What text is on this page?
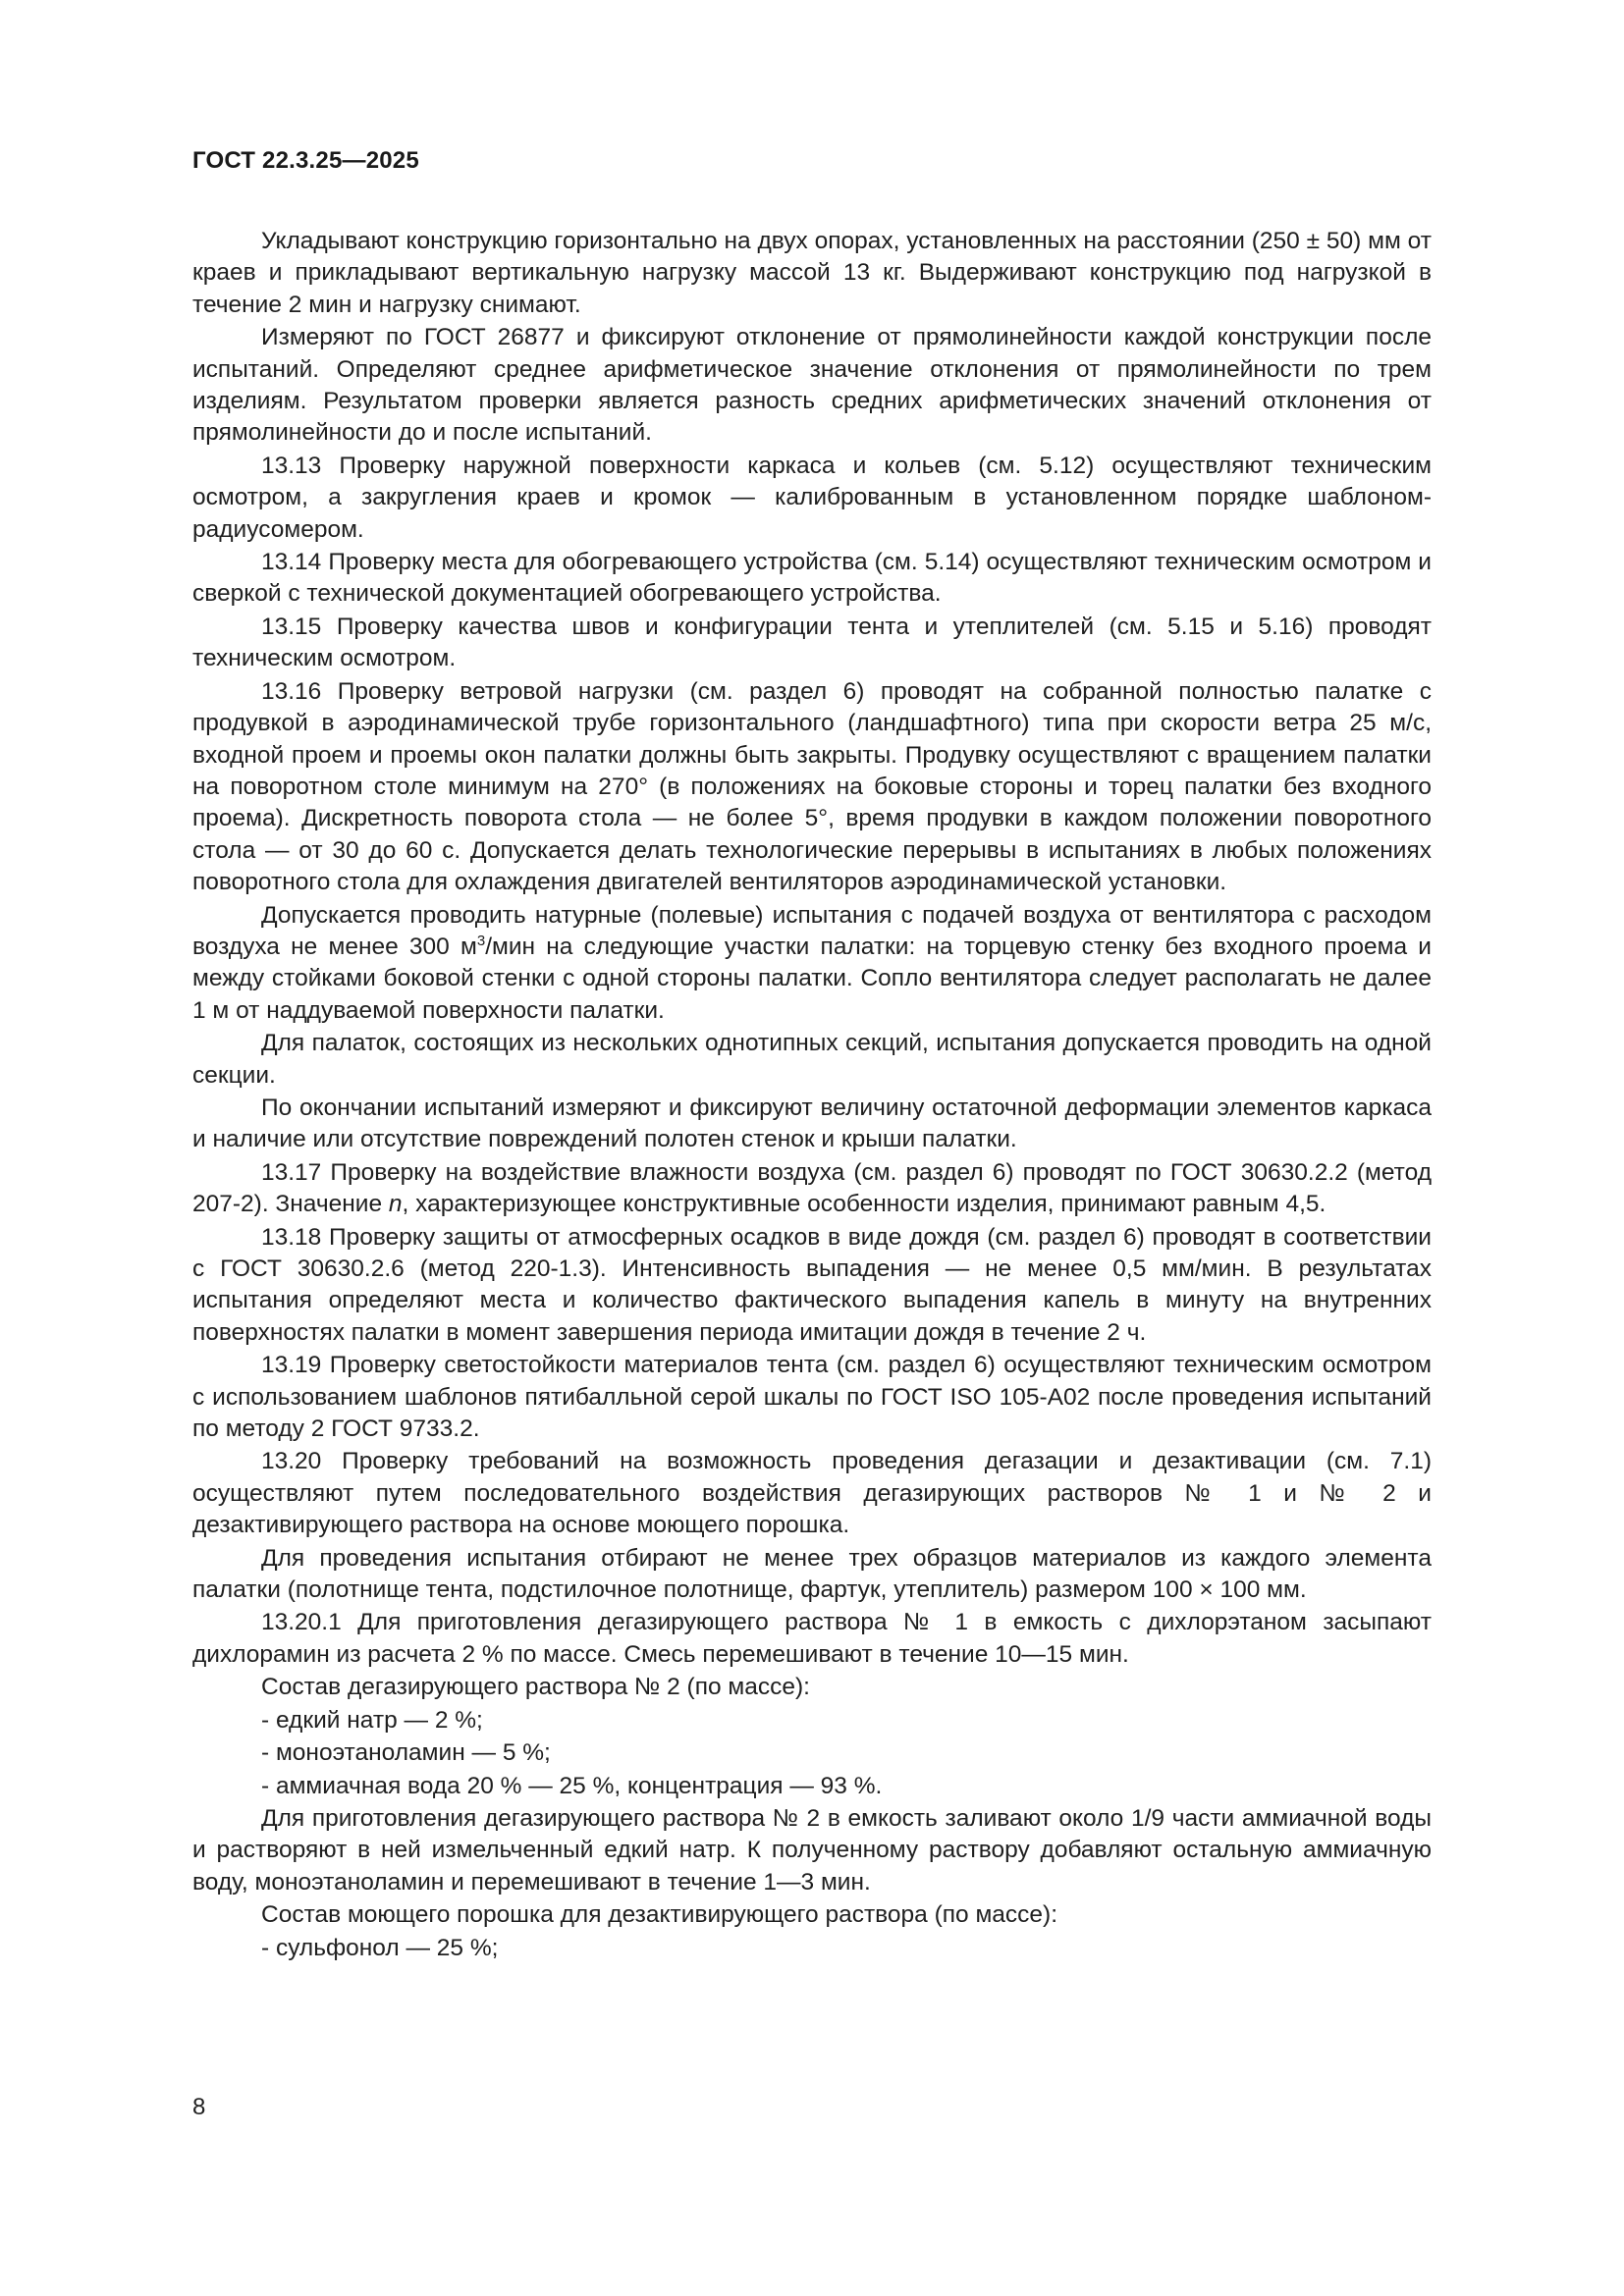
ГОСТ 22.3.25—2025

Укладывают конструкцию горизонтально на двух опорах, установленных на расстоянии (250 ± 50) мм от краев и прикладывают вертикальную нагрузку массой 13 кг. Выдерживают конструкцию под нагрузкой в течение 2 мин и нагрузку снимают.

Измеряют по ГОСТ 26877 и фиксируют отклонение от прямолинейности каждой конструкции после испытаний. Определяют среднее арифметическое значение отклонения от прямолинейности по трем изделиям. Результатом проверки является разность средних арифметических значений отклонения от прямолинейности до и после испытаний.

13.13 Проверку наружной поверхности каркаса и кольев (см. 5.12) осуществляют техническим осмотром, а закругления краев и кромок — калиброванным в установленном порядке шаблоном-радиусомером.

13.14 Проверку места для обогревающего устройства (см. 5.14) осуществляют техническим осмотром и сверкой с технической документацией обогревающего устройства.

13.15 Проверку качества швов и конфигурации тента и утеплителей (см. 5.15 и 5.16) проводят техническим осмотром.

13.16 Проверку ветровой нагрузки (см. раздел 6) проводят на собранной полностью палатке с продувкой в аэродинамической трубе горизонтального (ландшафтного) типа при скорости ветра 25 м/с, входной проем и проемы окон палатки должны быть закрыты. Продувку осуществляют с вращением палатки на поворотном столе минимум на 270° (в положениях на боковые стороны и торец палатки без входного проема). Дискретность поворота стола — не более 5°, время продувки в каждом положении поворотного стола — от 30 до 60 с. Допускается делать технологические перерывы в испытаниях в любых положениях поворотного стола для охлаждения двигателей вентиляторов аэродинамической установки.

Допускается проводить натурные (полевые) испытания с подачей воздуха от вентилятора с расходом воздуха не менее 300 $м^3$/мин на следующие участки палатки: на торцевую стенку без входного проема и между стойками боковой стенки с одной стороны палатки. Сопло вентилятора следует располагать не далее 1 м от наддуваемой поверхности палатки.

Для палаток, состоящих из нескольких однотипных секций, испытания допускается проводить на одной секции.

По окончании испытаний измеряют и фиксируют величину остаточной деформации элементов каркаса и наличие или отсутствие повреждений полотен стенок и крыши палатки.

13.17 Проверку на воздействие влажности воздуха (см. раздел 6) проводят по ГОСТ 30630.2.2 (метод 207-2). Значение n, характеризующее конструктивные особенности изделия, принимают равным 4,5.

13.18 Проверку защиты от атмосферных осадков в виде дождя (см. раздел 6) проводят в соответствии с ГОСТ 30630.2.6 (метод 220-1.3). Интенсивность выпадения — не менее 0,5 мм/мин. В результатах испытания определяют места и количество фактического выпадения капель в минуту на внутренних поверхностях палатки в момент завершения периода имитации дождя в течение 2 ч.

13.19 Проверку светостойкости материалов тента (см. раздел 6) осуществляют техническим осмотром с использованием шаблонов пятибалльной серой шкалы по ГОСТ ISO 105-A02 после проведения испытаний по методу 2 ГОСТ 9733.2.

13.20 Проверку требований на возможность проведения дегазации и дезактивации (см. 7.1) осуществляют путем последовательного воздействия дегазирующих растворов № 1 и № 2 и дезактивирующего раствора на основе моющего порошка.

Для проведения испытания отбирают не менее трех образцов материалов из каждого элемента палатки (полотнище тента, подстилочное полотнище, фартук, утеплитель) размером 100 × 100 мм.

13.20.1 Для приготовления дегазирующего раствора № 1 в емкость с дихлорэтаном засыпают дихлорамин из расчета 2 % по массе. Смесь перемешивают в течение 10—15 мин.

Состав дегазирующего раствора № 2 (по массе):

- едкий натр — 2 %;

- моноэтаноламин — 5 %;

- аммиачная вода 20 % — 25 %, концентрация — 93 %.

Для приготовления дегазирующего раствора № 2 в емкость заливают около 1/9 части аммиачной воды и растворяют в ней измельченный едкий натр. К полученному раствору добавляют остальную аммиачную воду, моноэтаноламин и перемешивают в течение 1—3 мин.

Состав моющего порошка для дезактивирующего раствора (по массе):

- сульфонол — 25 %;

8
